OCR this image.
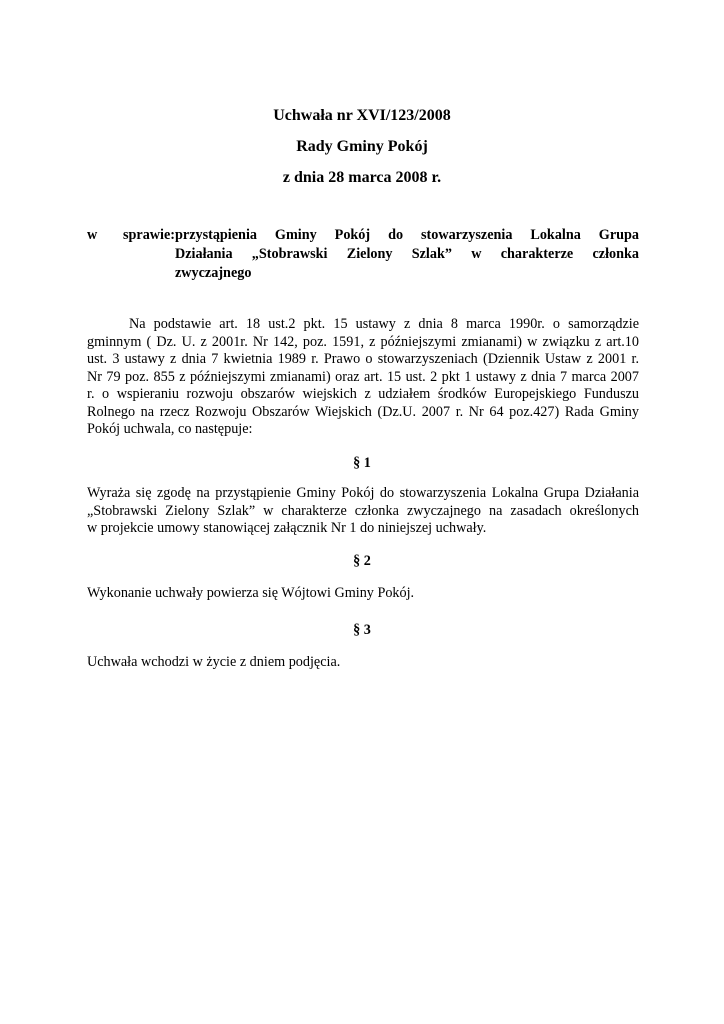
Uchwała nr XVI/123/2008
Rady Gminy Pokój
z dnia 28 marca 2008 r.
w sprawie:przystąpienia Gminy Pokój do stowarzyszenia Lokalna Grupa
Działania „Stobrawski Zielony Szlak” w charakterze członka
zwyczajnego
Na podstawie art. 18 ust.2 pkt. 15 ustawy z dnia 8 marca 1990r. o samorządzie
gminnym ( Dz. U. z 2001r. Nr 142, poz. 1591, z późniejszymi zmianami) w związku z art.10
ust. 3 ustawy z dnia 7 kwietnia 1989 r. Prawo o stowarzyszeniach (Dziennik Ustaw z 2001 r.
Nr 79 poz. 855 z późniejszymi zmianami) oraz art. 15 ust. 2 pkt 1 ustawy z dnia 7 marca 2007
r. o wspieraniu rozwoju obszarów wiejskich z udziałem środków Europejskiego Funduszu
Rolnego na rzecz Rozwoju Obszarów Wiejskich (Dz.U. 2007 r. Nr 64 poz.427) Rada Gminy
Pokój uchwala, co następuje:
§ 1
Wyraża się zgodę na przystąpienie Gminy Pokój do stowarzyszenia Lokalna Grupa Działania
„Stobrawski Zielony Szlak” w charakterze członka zwyczajnego na zasadach określonych
w projekcie umowy stanowiącej załącznik Nr 1 do niniejszej uchwały.
§ 2
Wykonanie uchwały powierza się Wójtowi Gminy Pokój.
§ 3
Uchwała wchodzi w życie z dniem podjęcia.
